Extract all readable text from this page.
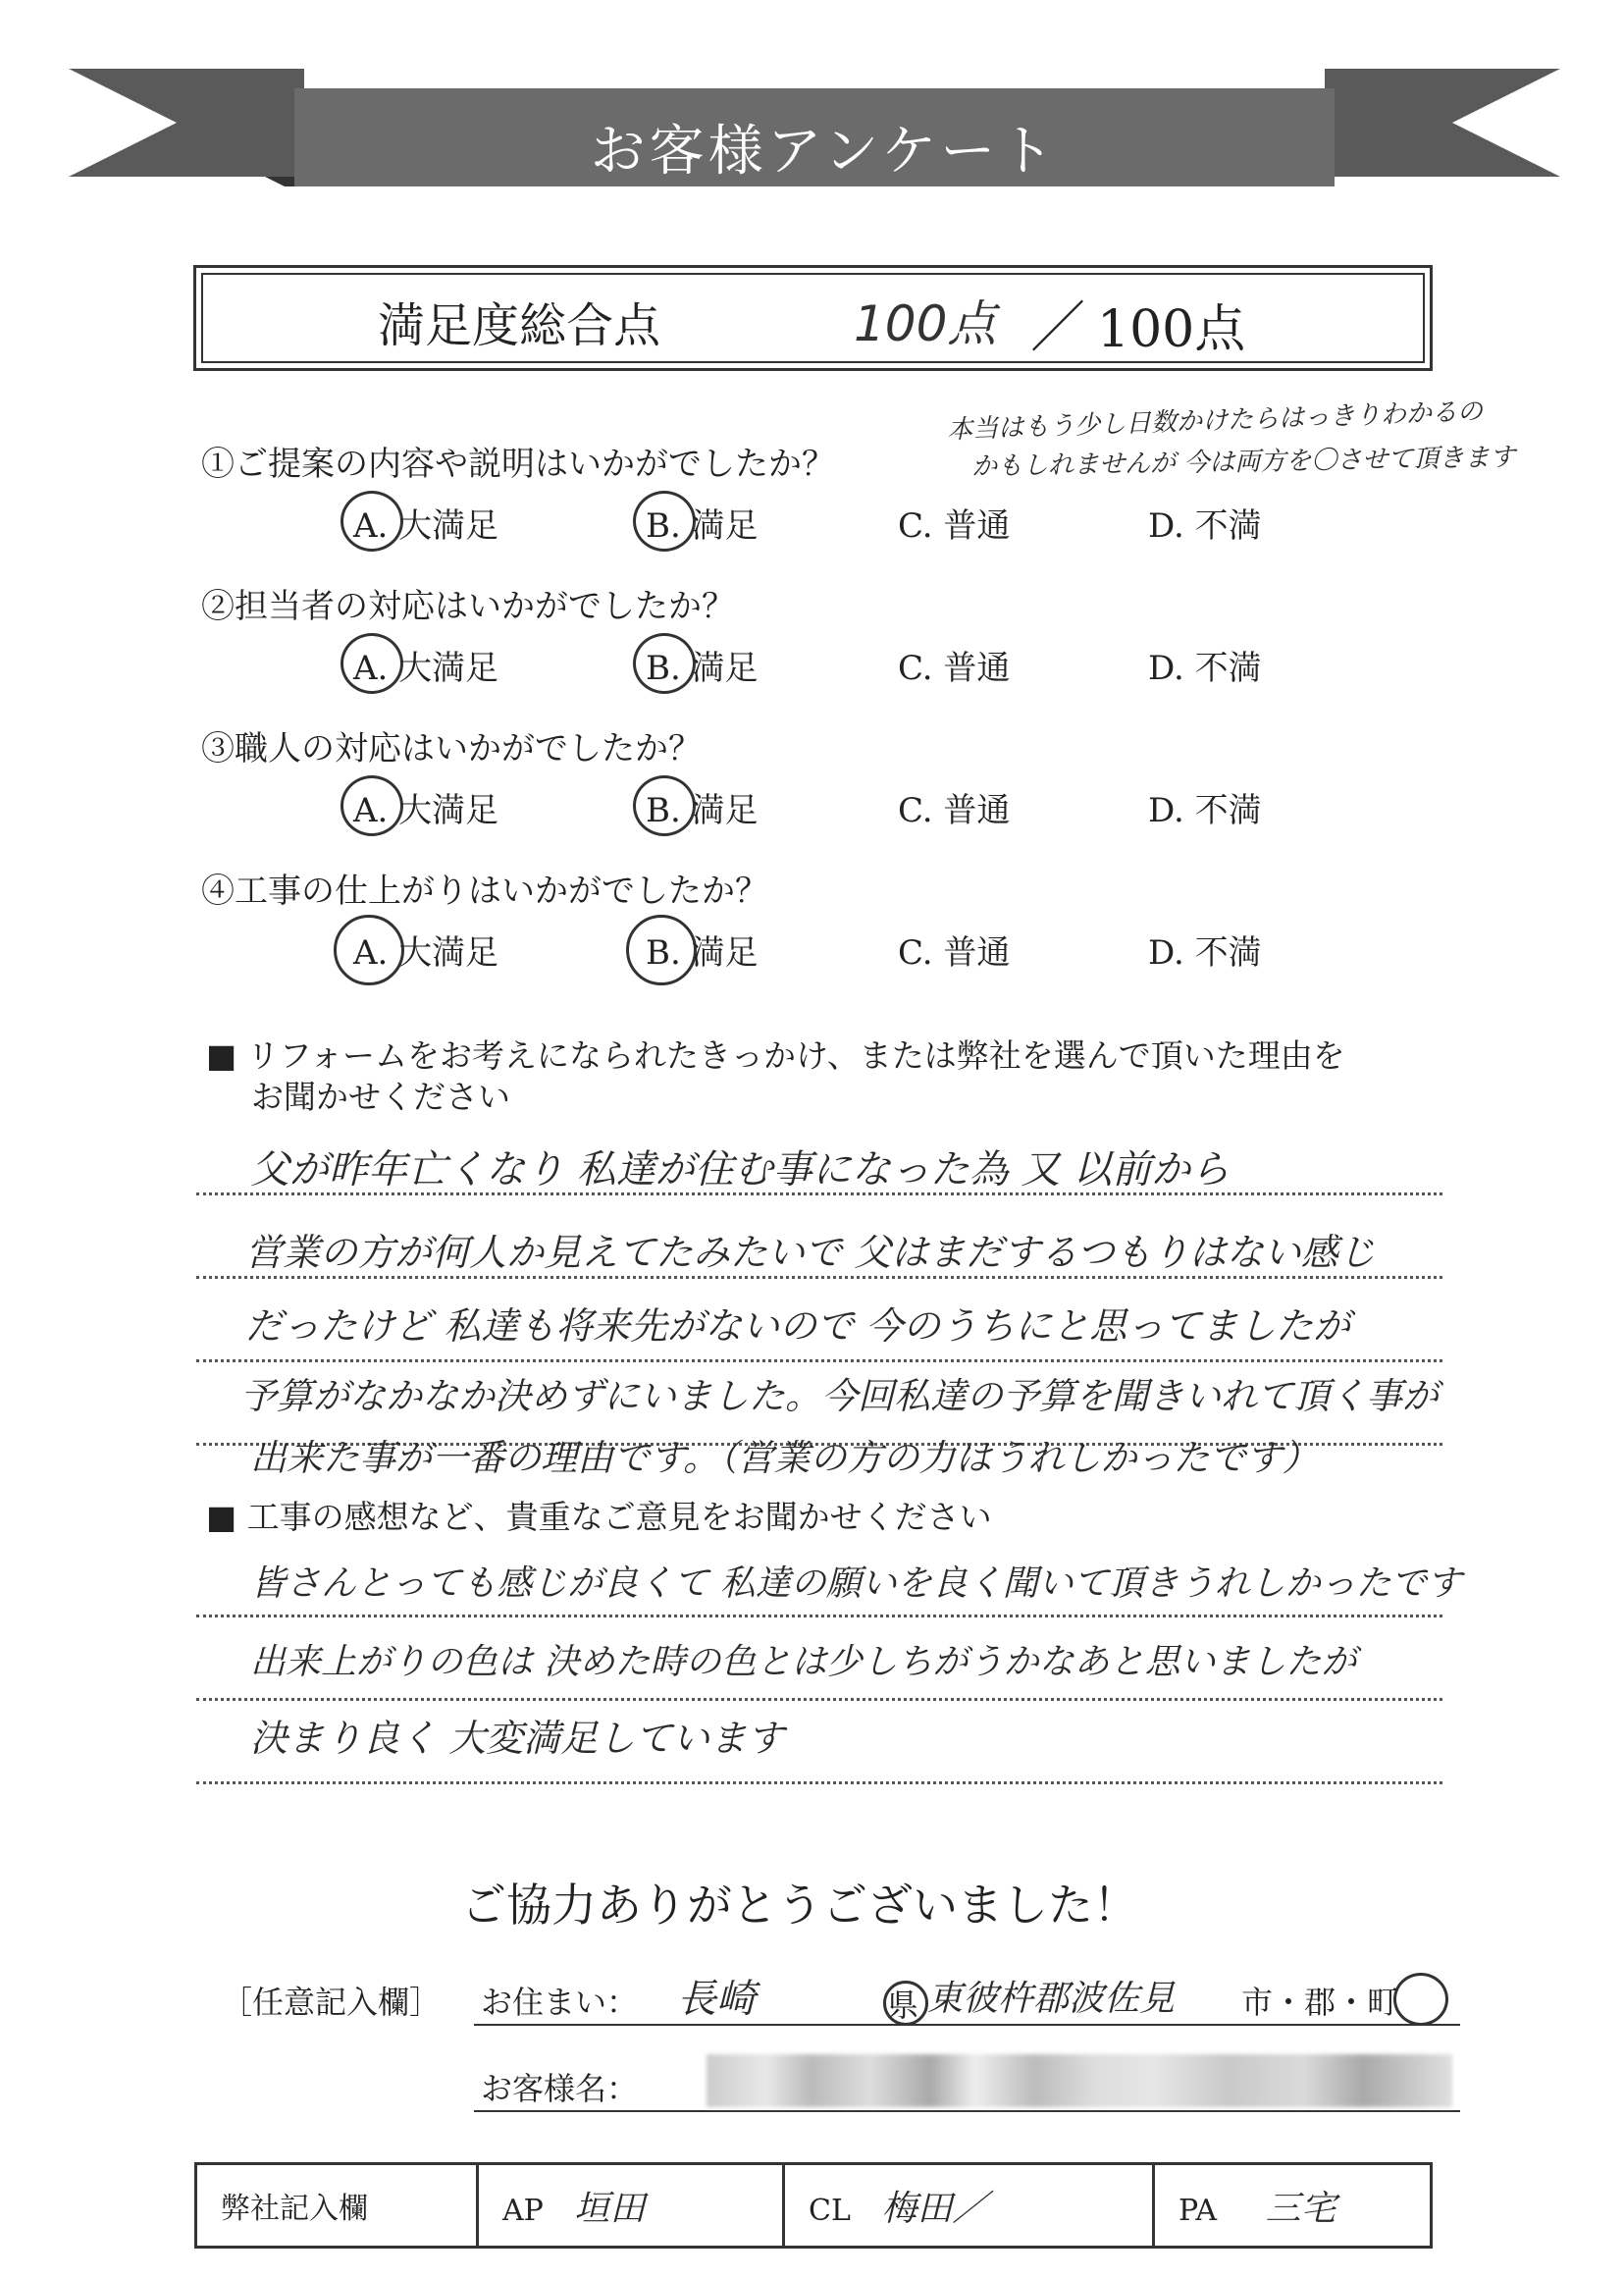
お客様アンケート
満足度総合点	100点 ／ 100点
本当はもう少し日数かけたらはっきりわかるの
かもしれませんが 今は両方を〇させて頂きます
①ご提案の内容や説明はいかがでしたか？
A. 大満足	B. 満足	C. 普通	D. 不満
②担当者の対応はいかがでしたか？
A. 大満足	B. 満足	C. 普通	D. 不満
③職人の対応はいかがでしたか？
A. 大満足	B. 満足	C. 普通	D. 不満
④工事の仕上がりはいかがでしたか？
A. 大満足	B. 満足	C. 普通	D. 不満
■ リフォームをお考えになられたきっかけ、または弊社を選んで頂いた理由を
お聞かせください
父が昨年亡くなり 私達が住む事になった為 又 以前から
営業の方が何人か見えてたみたいで 父はまだするつもりはない感じ
だったけど 私達も将来先がないので 今のうちにと思ってましたが
予算がなかなか決めずにいました。今回私達の予算を聞きいれて頂く事が
出来た事が一番の理由です。（営業の方の力はうれしかったです）
■ 工事の感想など、貴重なご意見をお聞かせください
皆さんとっても感じが良くて 私達の願いを良く聞いて頂きうれしかったです
出来上がりの色は 決めた時の色とは少しちがうかなあと思いましたが
決まり良く 大変満足しています
ご協力ありがとうございました！
［任意記入欄］ お住まい： 長崎	県 東彼杵郡波佐見 市・郡・町
お客様名：
弊社記入欄	AP 垣田	CL 梅田／	PA 三宅
